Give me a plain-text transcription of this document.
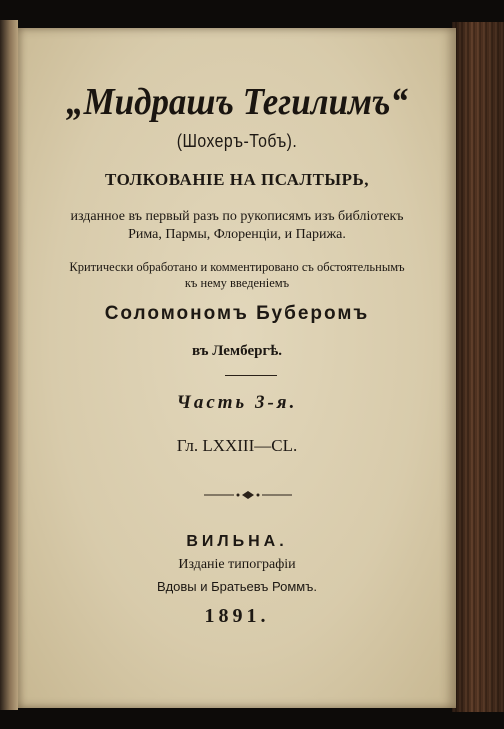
„Мидрашъ Тегилимъ“
(Шохеръ-Тобъ).
ТОЛКОВАНІЕ НА ПСАЛТЫРЬ,
изданное въ первый разъ по рукописямъ изъ библіотекъ
Рима, Пармы, Флоренціи, и Парижа.
Критически обработано и комментировано съ обстоятельнымъ
къ нему введеніемъ
Соломономъ Буберомъ
въ Лембергѣ.
Часть 3-я.
Гл. LXXIII—CL.
ВИЛЬНА.
Изданіе типографіи
Вдовы и Братьевъ Роммъ.
1891.
